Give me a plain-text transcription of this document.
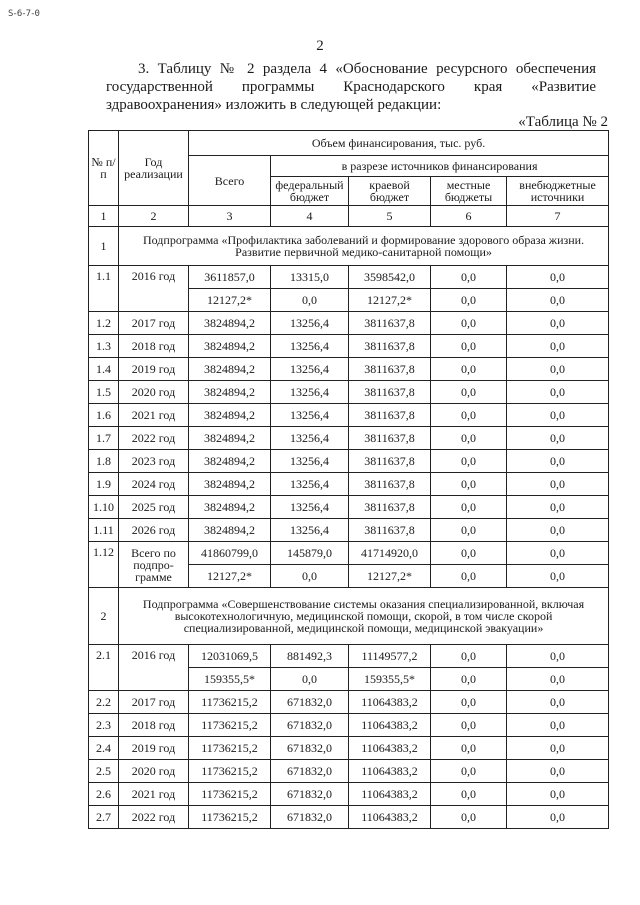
S-6-7-0
2

3. Таблицу № 2 раздела 4 «Обоснование ресурсного обеспечения государственной программы Краснодарского края «Развитие здравоохранения» изложить в следующей редакции:

«Таблица № 2
№ п/п	Год реализации	Объем финансирования, тыс. руб.				
		Всего	в разрезе источников финансирования			
			федеральный бюджет	краевой бюджет	местные бюджеты	внебюджетные источники
1	2	3	4	5	6	7
1	Подпрограмма «Профилактика заболеваний и формирование здорового образа жизни. Развитие первичной медико-санитарной помощи»					
1.1	2016 год	3611857,0	13315,0	3598542,0	0,0	0,0
		12127,2*	0,0	12127,2*	0,0	0,0
1.2	2017 год	3824894,2	13256,4	3811637,8	0,0	0,0
1.3	2018 год	3824894,2	13256,4	3811637,8	0,0	0,0
1.4	2019 год	3824894,2	13256,4	3811637,8	0,0	0,0
1.5	2020 год	3824894,2	13256,4	3811637,8	0,0	0,0
1.6	2021 год	3824894,2	13256,4	3811637,8	0,0	0,0
1.7	2022 год	3824894,2	13256,4	3811637,8	0,0	0,0
1.8	2023 год	3824894,2	13256,4	3811637,8	0,0	0,0
1.9	2024 год	3824894,2	13256,4	3811637,8	0,0	0,0
1.10	2025 год	3824894,2	13256,4	3811637,8	0,0	0,0
1.11	2026 год	3824894,2	13256,4	3811637,8	0,0	0,0
1.12	Всего по подпрограмме	41860799,0	145879,0	41714920,0	0,0	0,0
		12127,2*	0,0	12127,2*	0,0	0,0
2	Подпрограмма «Совершенствование системы оказания специализированной, включая высокотехнологичную, медицинской помощи, скорой, в том числе скорой специализированной, медицинской помощи, медицинской эвакуации»					
2.1	2016 год	12031069,5	881492,3	11149577,2	0,0	0,0
		159355,5*	0,0	159355,5*	0,0	0,0
2.2	2017 год	11736215,2	671832,0	11064383,2	0,0	0,0
2.3	2018 год	11736215,2	671832,0	11064383,2	0,0	0,0
2.4	2019 год	11736215,2	671832,0	11064383,2	0,0	0,0
2.5	2020 год	11736215,2	671832,0	11064383,2	0,0	0,0
2.6	2021 год	11736215,2	671832,0	11064383,2	0,0	0,0
2.7	2022 год	11736215,2	671832,0	11064383,2	0,0	0,0
